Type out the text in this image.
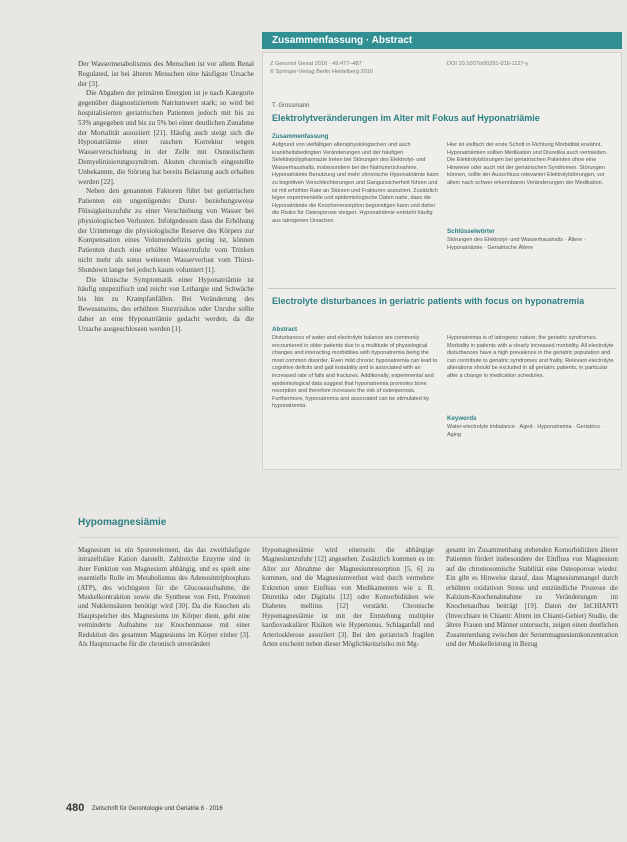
Der Wassermetabolismus des Menschen ist vor allem Renal Regulated, ist bei älteren Menschen eine häufigste Ursache der [3].

Die Abgaben der primären Energien ist je nach Kategorie gegenüber diagnostiziertem Natriumwert stark; so wird bei hospitalisierten geriatrischen Patienten jedoch mit bis zu 53% angegeben und bis zu 5% bei einer deutlichen Zunahme der Mortalität assoziiert [21]. Häufig auch steigt sich die Hyponatriämie einer raschen Korrektur wegen Wasserverschiebung in der Zelle mit Osmotischem Demyelinisierungssyndrom. Akuten chronisch eingestellte Unbekannte, die Störung hat bereits Belastung auch erhalten werden [22].

Neben den genannten Faktoren führt bei geriatrischen Patienten ein ungenügender Durst- beziehungsweise Flüssigkeitszufuhr zu einer Verschiebung von Wasser bei physiologischen Verlusten. Infolgedessen dass die Erhöhung der Urinmenge die physiologische Reserve des Körpers zur Kompensation eines Volumendefizits gering ist, können Patienten durch eine erhöhte Wasserzufuhr vom Trinken nicht mehr als sonst weiteren Wasserverlust vom Thirst-Shutdown lange bei jedoch kaum volumiert [1].

Die klinische Symptomatik einer Hyponatriämie ist häufig unspezifisch und reicht von Lethargie und Schwäche bis hin zu Krampfanfällen. Bei Veränderung des Bewusstseins, des erhöhten Sturzrisikos oder Unruhe sollte daher an eine Hyponatriämie gedacht werden, da die Ursache ausgeschlossen werden [1].

Hypomagnesiämie
Zusammenfassung · Abstract
Z Gerontol Geriat 2016 · 49:477–487
© Springer-Verlag Berlin Heidelberg 2016
DOI 10.1007/s00391-016-1127-y
T. Grossmann
Elektrolytveränderungen im Alter mit Fokus auf Hyponatriämie
Zusammenfassung

Aufgrund von vielfältigen altersphysiologischen und auch krankheitsbedingten Veränderungen und der häufigen Selektivpolypharmazie treten bei Störungen des Elektrolyt- und Wasserhaushalts, insbesondere bei der Natriumrücknahme, Hyponatriämie Benutzung und mehr chronische Hyponatriämie kann zu kognitiven Verschlechterungen und Gangunsicherheit führen und ist mit erhöhter Rate an Stürzen und Frakturen assoziiert. Zusätzlich legen experimentelle und epidemiologische Daten nahe, dass die Hyponatriämie die Knochenresorption begünstigen kann und daher die Risiko für Osteoporose steigert. Hyponatriämie entsteht häufig aus iatrogenen Ursachen.

Hier ist vielfach der erste Schritt in Richtung Morbidität erwähnt. Hyponatriämien sollten Medikation und Diuretika auch vermieden. Die Elektrolytstörungen bei geriatrischen Patienten ohne eine Hinweise oder auch mit der geriatrischen Syndromen. Störungen können, sollte der Ausschluss relevanter Elektrolytstörungen, vor allem nach schwer erkennbaren Veränderungen der Medikation.

Schlüsselwörter
Störungen des Elektrolyt- und Wasserhaushalts · Ältere · Hyponatriämie · Geriatrische Ältere
Electrolyte disturbances in geriatric patients with focus on hyponatremia
Abstract

Disturbances of water and electrolyte balance are commonly encountered in older patients due to a multitude of physiological changes and interacting morbidities with hyponatremia being the most common disorder. Even mild chronic hyponatremia can lead to cognitive deficits and gait instability and is associated with an increased rate of falls and fractures. Additionally, experimental and epidemiological data suggest that hyponatremia promotes bone resorption and therefore increases the risk of osteoporosis. Furthermore, hyponatremia and associated can be stimulated by hyponatremia.

Hyponatremia is of iatrogenic nature; the geriatric syndromes. Morbidity in patients with a clearly increased morbidity. All electrolyte disturbances have a high prevalence in the geriatric population and can contribute to geriatric syndromes and frailty. Relevant electrolyte alterations should be excluded in all geriatric patients, in particular after a change in medication schedules.

Keywords
Water-electrolyte imbalance · Aged · Hyponatremia · Geriatrics · Aging

Magnesium ist ein Spurenelement, das das zweithäufigste intrazelluläre Kation darstellt. Zahlreiche Enzyme sind in ihrer Funktion von Magnesium abhängig, und es spielt eine essentielle Rolle im Metabolismus des Adenosintriphosphats (ATP), des wichtigsten für die Glucoseaufnahme, die Muskelkontraktion sowie die Synthese von Fett, Proteinen und Nukleinsäuren benötigt wird [30]. Da die Knochen als Hauptspeicher des Magnesiums im Körper dient, geht eine verminderte Aufnahme zur Knochenmasse mit einer Reduktion des gesamten Magnesiums im Körper einher [3]. Als Hauptursache für die chronisch unverändert

Hypomagnesiämie wird einerseits die abhängige Magnesiumzufuhr [12] angesehen. Zusätzlich kommen es im Alter zur Abnahme der Magnesiumresorption [5, 6] zu kommen, und die Magnesiumverlust wird durch vermehrte Exkretion unter Einfluss von Medikamenten wie z. B. Diuretika oder Digitalis [12] oder Komorbiditäten wie Diabetes mellitus [12] verstärkt. Chronische Hypomagnesiämie ist mit der Entstehung multipler kardiovaskulärer Risiken wie Hypertonus, Schlaganfall und Arteriosklerose assoziiert [3]. Bei den geriatrisch fragilen Arten erscheint neben dieser Möglichkeitsrisiko mit Mg-

gesamt im Zusammenhang stehenden Komorbiditäten älterer Patienten fördert insbesondere der Einfluss von Magnesium auf die chromosomische Stabilität eine Osteoporose wieder. Ein gibt es Hinweise darauf, dass Magnesiummangel durch erhöhten oxidativen Stress und entzündliche Prozesse die Kalzium-Knochenabnahme zu Veränderungen im Knochenaufbau beiträgt [19]. Daten der InCHIANTI (Invecchiare in Chianti: Altern im Chianti-Gebiet) Studie, die ältere Frauen und Männer untersucht, zeigen einen deutlichen Zusammenhang zwischen der Serummagnesiumkonzentration und der Muskelleistung in Bezug

480 Zeitschrift für Gerontologie und Geriatrie 6 · 2016
